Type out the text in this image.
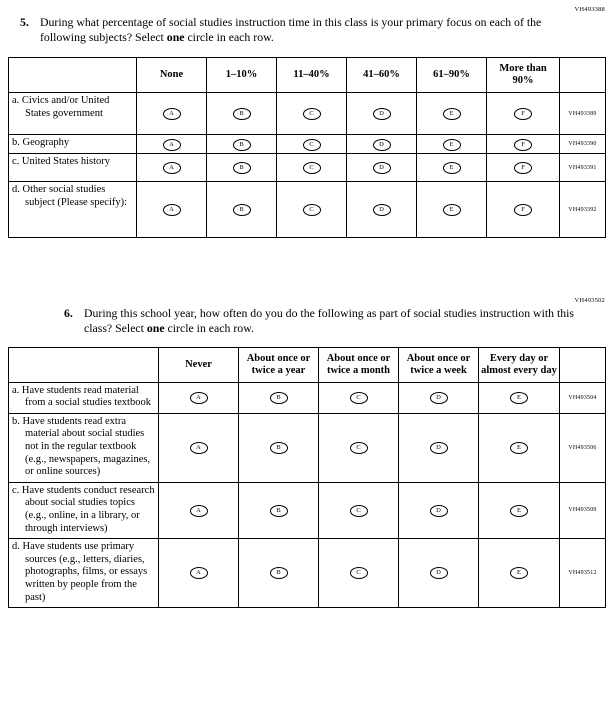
VH493388
5. During what percentage of social studies instruction time in this class is your primary focus on each of the following subjects? Select one circle in each row.
	None	1–10%	11–40%	41–60%	61–90%	More than 90%	
a. Civics and/or United States government	A	B	C	D	E	F	VH493389
b. Geography	A	B	C	D	E	F	VH493390
c. United States history	A	B	C	D	E	F	VH493391
d. Other social studies subject (Please specify):	A	B	C	D	E	F	VH493392
VH493502
6. During this school year, how often do you do the following as part of social studies instruction with this class? Select one circle in each row.
	Never	About once or twice a year	About once or twice a month	About once or twice a week	Every day or almost every day	
a. Have students read material from a social studies textbook	A	B	C	D	E	VH493504
b. Have students read extra material about social studies not in the regular textbook (e.g., newspapers, magazines, or online sources)	A	B	C	D	E	VH493506
c. Have students conduct research about social studies topics (e.g., online, in a library, or through interviews)	A	B	C	D	E	VH493509
d. Have students use primary sources (e.g., letters, diaries, photographs, films, or essays written by people from the past)	A	B	C	D	E	VH493512
